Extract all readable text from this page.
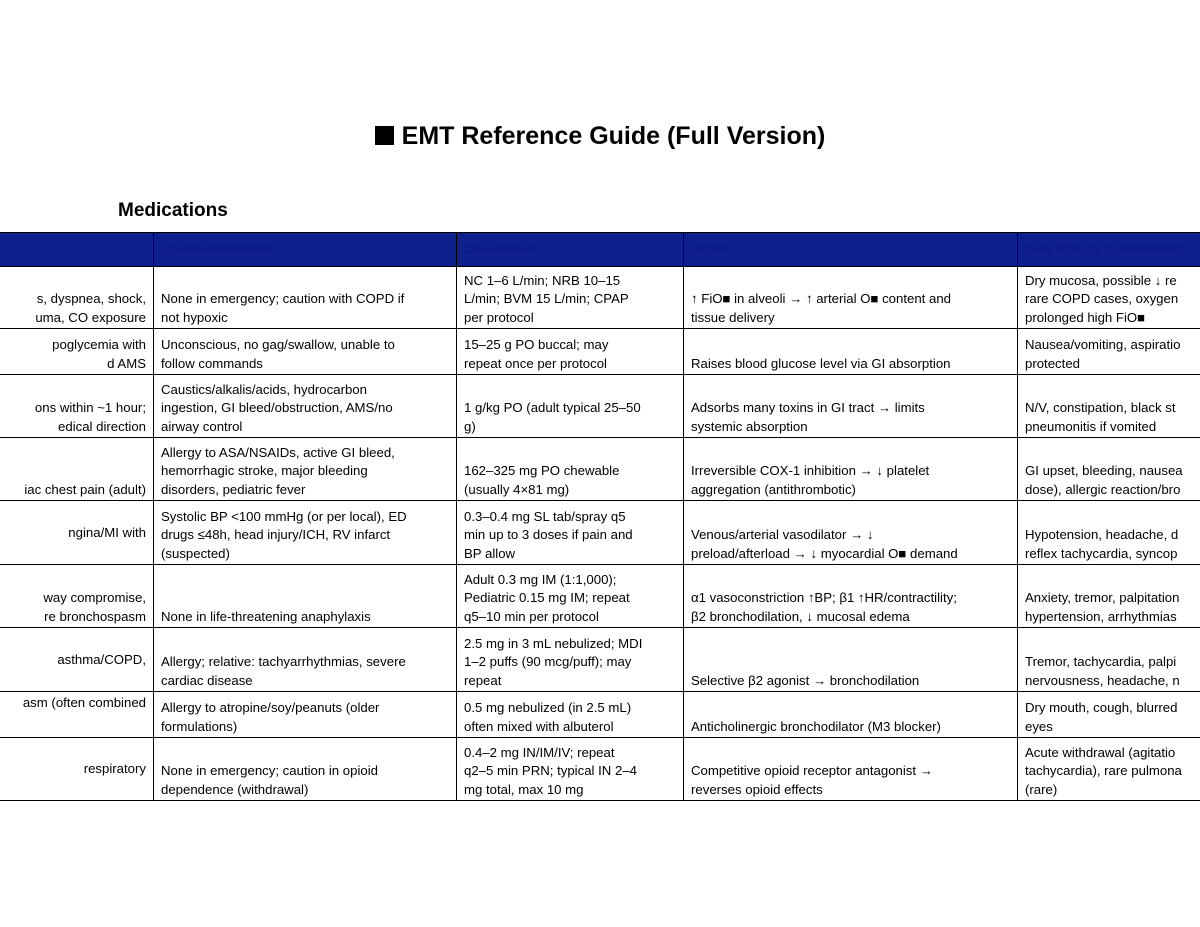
EMT Reference Guide (Full Version)
Medications
	Contraindications	Dose/Route	Action	Side Effects (Unintended)

s, dyspnea, shock,
uma, CO exposure	None in emergency; caution with COPD if
not hypoxic	NC 1–6 L/min; NRB 10–15
L/min; BVM 15 L/min; CPAP
per protocol	↑ FiO■ in alveoli → ↑ arterial O■ content and
tissue delivery	Dry mucosa, possible ↓ re
rare COPD cases, oxygen
prolonged high FiO■

poglycemia with
d AMS	Unconscious, no gag/swallow, unable to
follow commands	15–25 g PO buccal; may
repeat once per protocol	Raises blood glucose level via GI absorption	Nausea/vomiting, aspiratio
protected

ons within ~1 hour;
edical direction	Caustics/alkalis/acids, hydrocarbon
ingestion, GI bleed/obstruction, AMS/no
airway control	1 g/kg PO (adult typical 25–50
g)	Adsorbs many toxins in GI tract → limits
systemic absorption	N/V, constipation, black st
pneumonitis if vomited

iac chest pain (adult)	Allergy to ASA/NSAIDs, active GI bleed,
hemorrhagic stroke, major bleeding
disorders, pediatric fever	162–325 mg PO chewable
(usually 4×81 mg)	Irreversible COX-1 inhibition → ↓ platelet
aggregation (antithrombotic)	GI upset, bleeding, nausea
dose), allergic reaction/bro

ngina/MI with	Systolic BP <100 mmHg (or per local), ED
drugs ≤48h, head injury/ICH, RV infarct
(suspected)	0.3–0.4 mg SL tab/spray q5
min up to 3 doses if pain and
BP allow	Venous/arterial vasodilator → ↓
preload/afterload → ↓ myocardial O■ demand	Hypotension, headache, d
reflex tachycardia, syncop

way compromise,
re bronchospasm	None in life-threatening anaphylaxis	Adult 0.3 mg IM (1:1,000);
Pediatric 0.15 mg IM; repeat
q5–10 min per protocol	α1 vasoconstriction ↑BP; β1 ↑HR/contractility;
β2 bronchodilation, ↓ mucosal edema	Anxiety, tremor, palpitation
hypertension, arrhythmias

asthma/COPD,	Allergy; relative: tachyarrhythmias, severe
cardiac disease	2.5 mg in 3 mL nebulized; MDI
1–2 puffs (90 mcg/puff); may
repeat	Selective β2 agonist → bronchodilation	Tremor, tachycardia, palpi
nervousness, headache, n

asm (often combined	Allergy to atropine/soy/peanuts (older
formulations)	0.5 mg nebulized (in 2.5 mL)
often mixed with albuterol	Anticholinergic bronchodilator (M3 blocker)	Dry mouth, cough, blurred
eyes

respiratory	None in emergency; caution in opioid
dependence (withdrawal)	0.4–2 mg IN/IM/IV; repeat
q2–5 min PRN; typical IN 2–4
mg total, max 10 mg	Competitive opioid receptor antagonist →
reverses opioid effects	Acute withdrawal (agitatio
tachycardia), rare pulmona
(rare)
